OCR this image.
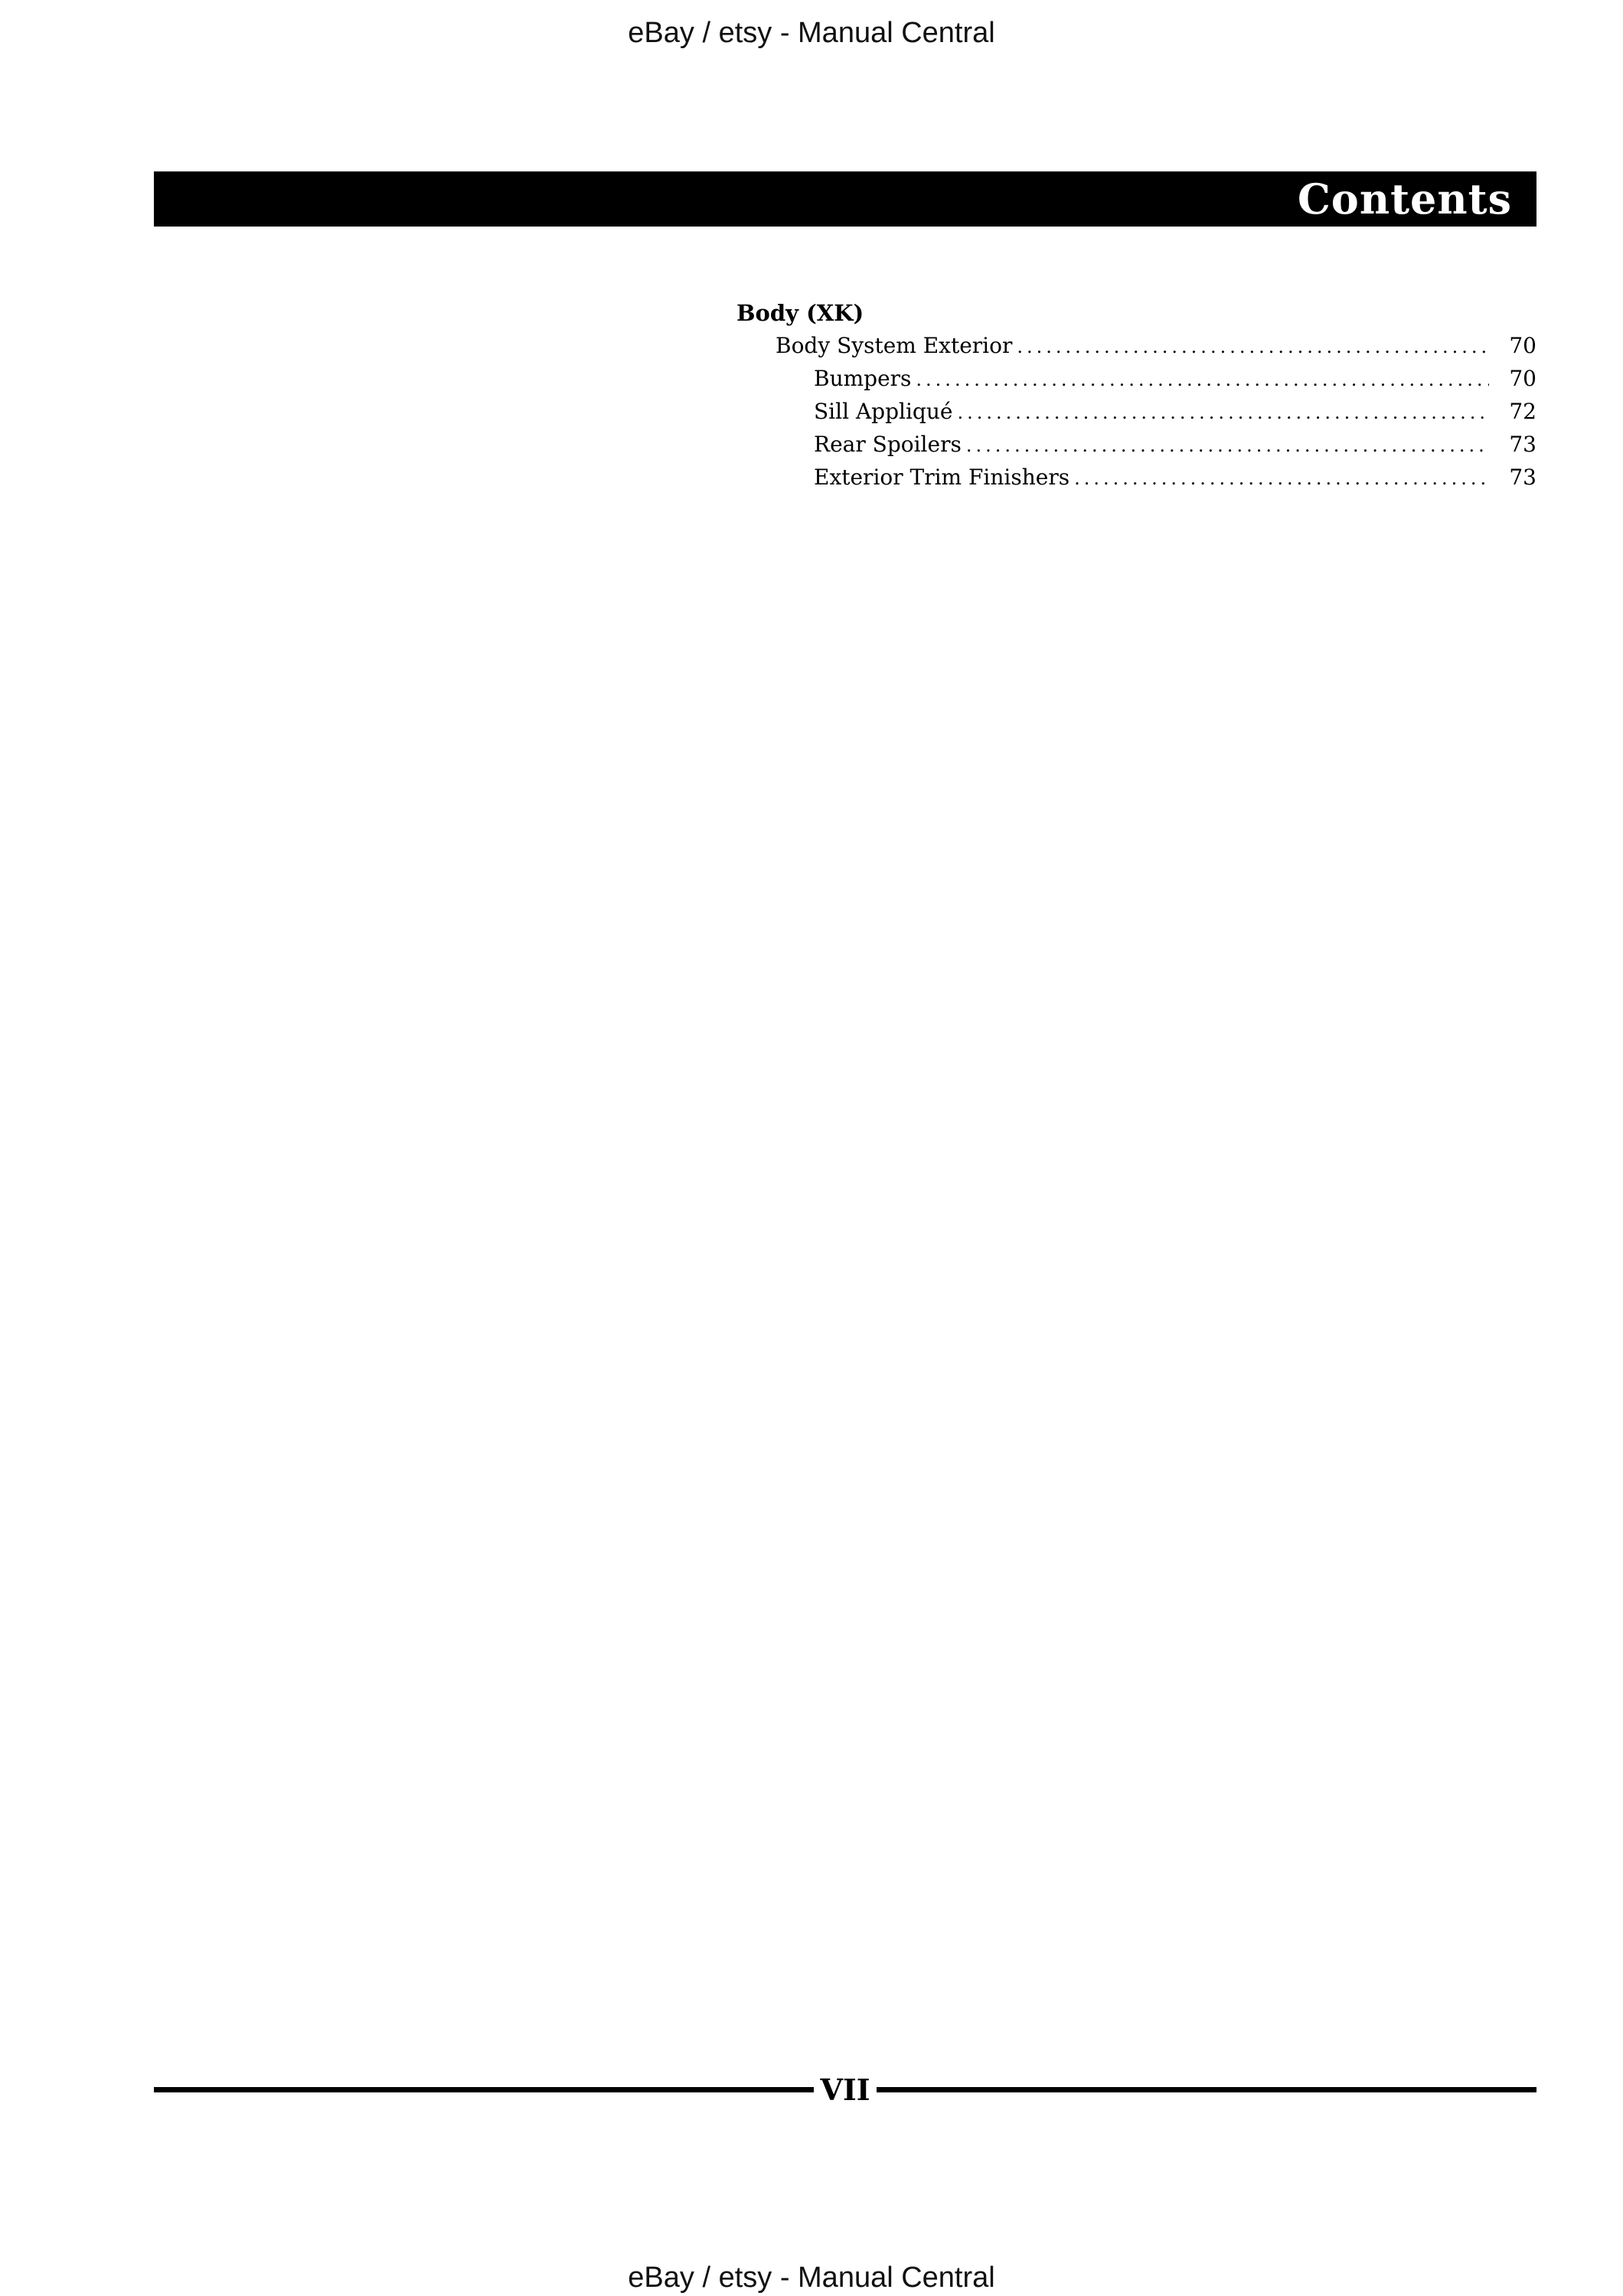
eBay / etsy - Manual Central
Contents
Body (XK)
Body System Exterior .....	70
Bumpers .....	70
Sill Appliqué .....	72
Rear Spoilers .....	73
Exterior Trim Finishers .....	73
VII
eBay / etsy - Manual Central
